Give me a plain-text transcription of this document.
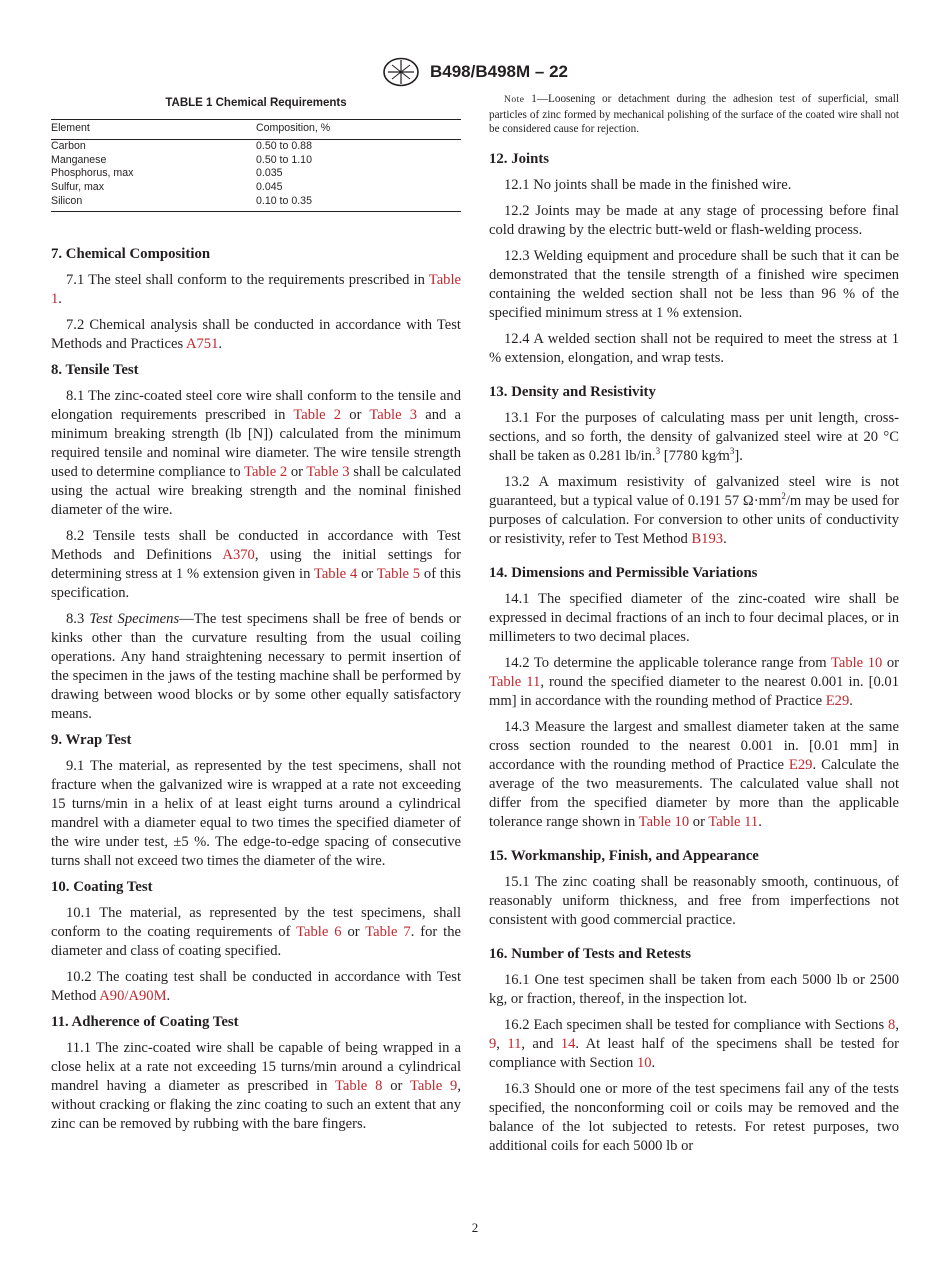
B498/B498M – 22
TABLE 1 Chemical Requirements
Element	Composition, %
Carbon	0.50 to 0.88
Manganese	0.50 to 1.10
Phosphorus, max	0.035
Sulfur, max	0.045
Silicon	0.10 to 0.35
7. Chemical Composition

7.1 The steel shall conform to the requirements prescribed in Table 1.

7.2 Chemical analysis shall be conducted in accordance with Test Methods and Practices A751.

8. Tensile Test

8.1 The zinc-coated steel core wire shall conform to the tensile and elongation requirements prescribed in Table 2 or Table 3 and a minimum breaking strength (lb [N]) calculated from the minimum required tensile and nominal wire diameter. The wire tensile strength used to determine compliance to Table 2 or Table 3 shall be calculated using the actual wire breaking strength and the nominal finished diameter of the wire.

8.2 Tensile tests shall be conducted in accordance with Test Methods and Definitions A370, using the initial settings for determining stress at 1 % extension given in Table 4 or Table 5 of this specification.

8.3 Test Specimens—The test specimens shall be free of bends or kinks other than the curvature resulting from the usual coiling operations. Any hand straightening necessary to permit insertion of the specimen in the jaws of the testing machine shall be performed by drawing between wood blocks or by some other equally satisfactory means.

9. Wrap Test

9.1 The material, as represented by the test specimens, shall not fracture when the galvanized wire is wrapped at a rate not exceeding 15 turns/min in a helix of at least eight turns around a cylindrical mandrel with a diameter equal to two times the specified diameter of the wire under test, ±5 %. The edge-to-edge spacing of consecutive turns shall not exceed two times the diameter of the wire.

10. Coating Test

10.1 The material, as represented by the test specimens, shall conform to the coating requirements of Table 6 or Table 7. for the diameter and class of coating specified.

10.2 The coating test shall be conducted in accordance with Test Method A90/A90M.

11. Adherence of Coating Test

11.1 The zinc-coated wire shall be capable of being wrapped in a close helix at a rate not exceeding 15 turns/min around a cylindrical mandrel having a diameter as prescribed in Table 8 or Table 9, without cracking or flaking the zinc coating to such an extent that any zinc can be removed by rubbing with the bare fingers.

Note 1—Loosening or detachment during the adhesion test of superficial, small particles of zinc formed by mechanical polishing of the surface of the coated wire shall not be considered cause for rejection.
12. Joints

12.1 No joints shall be made in the finished wire.

12.2 Joints may be made at any stage of processing before final cold drawing by the electric butt-weld or flash-welding process.

12.3 Welding equipment and procedure shall be such that it can be demonstrated that the tensile strength of a finished wire specimen containing the welded section shall not be less than 96 % of the specified minimum stress at 1 % extension.

12.4 A welded section shall not be required to meet the stress at 1 % extension, elongation, and wrap tests.

13. Density and Resistivity

13.1 For the purposes of calculating mass per unit length, cross-sections, and so forth, the density of galvanized steel wire at 20 °C shall be taken as 0.281 lb/in.$^3$ [7780 $kg⁄m^3$].

13.2 A maximum resistivity of galvanized steel wire is not guaranteed, but a typical value of 0.191 57 $\Omega\cdot mm^2/m$ may be used for purposes of calculation. For conversion to other units of conductivity or resistivity, refer to Test Method B193.

14. Dimensions and Permissible Variations

14.1 The specified diameter of the zinc-coated wire shall be expressed in decimal fractions of an inch to four decimal places, or in millimeters to two decimal places.

14.2 To determine the applicable tolerance range from Table 10 or Table 11, round the specified diameter to the nearest 0.001 in. [0.01 mm] in accordance with the rounding method of Practice E29.

14.3 Measure the largest and smallest diameter taken at the same cross section rounded to the nearest 0.001 in. [0.01 mm] in accordance with the rounding method of Practice E29. Calculate the average of the two measurements. The calculated value shall not differ from the specified diameter by more than the applicable tolerance range shown in Table 10 or Table 11.

15. Workmanship, Finish, and Appearance

15.1 The zinc coating shall be reasonably smooth, continuous, of reasonably uniform thickness, and free from imperfections not consistent with good commercial practice.

16. Number of Tests and Retests

16.1 One test specimen shall be taken from each 5000 lb or 2500 kg, or fraction, thereof, in the inspection lot.

16.2 Each specimen shall be tested for compliance with Sections 8, 9, 11, and 14. At least half of the specimens shall be tested for compliance with Section 10.

16.3 Should one or more of the test specimens fail any of the tests specified, the nonconforming coil or coils may be removed and the balance of the lot subjected to retests. For retest purposes, two additional coils for each 5000 lb or

2
